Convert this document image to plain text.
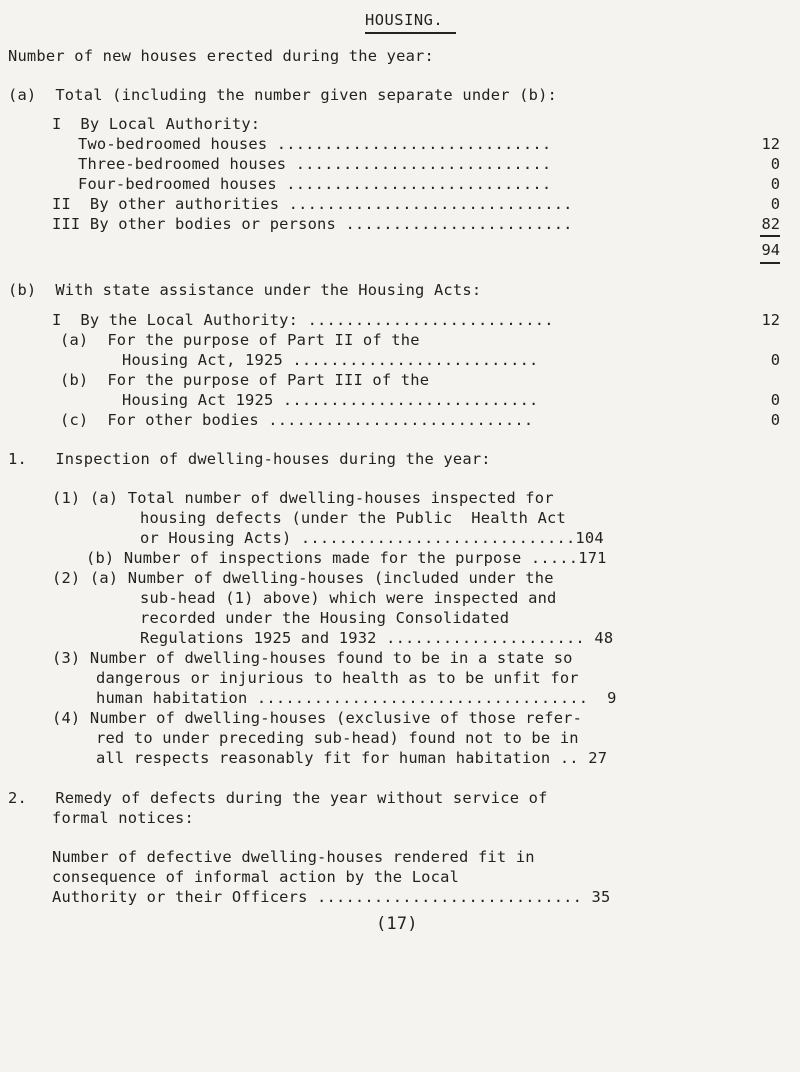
HOUSING.
Number of new houses erected during the year:
(a)  Total (including the number given separate under (b):
I  By Local Authority:
Two-bedroomed houses .............................	12
Three-bedroomed houses ...........................	0
Four-bedroomed houses ............................	0
II  By other authorities ..............................	0
III By other bodies or persons ........................	82
94
(b)  With state assistance under the Housing Acts:
I  By the Local Authority: ..........................	12
(a)  For the purpose of Part II of the
Housing Act, 1925 ..........................	0
(b)  For the purpose of Part III of the
Housing Act 1925 ...........................	0
(c)  For other bodies ............................	0
1.   Inspection of dwelling-houses during the year:
(1) (a) Total number of dwelling-houses inspected for
housing defects (under the Public  Health Act
or Housing Acts) .............................104
(b) Number of inspections made for the purpose .....171
(2) (a) Number of dwelling-houses (included under the
sub-head (1) above) which were inspected and
recorded under the Housing Consolidated
Regulations 1925 and 1932 ..................... 48
(3) Number of dwelling-houses found to be in a state so
dangerous or injurious to health as to be unfit for
human habitation ...................................  9
(4) Number of dwelling-houses (exclusive of those refer-
red to under preceding sub-head) found not to be in
all respects reasonably fit for human habitation .. 27
2.   Remedy of defects during the year without service of
formal notices:
Number of defective dwelling-houses rendered fit in
consequence of informal action by the Local
Authority or their Officers ............................ 35
(17)
